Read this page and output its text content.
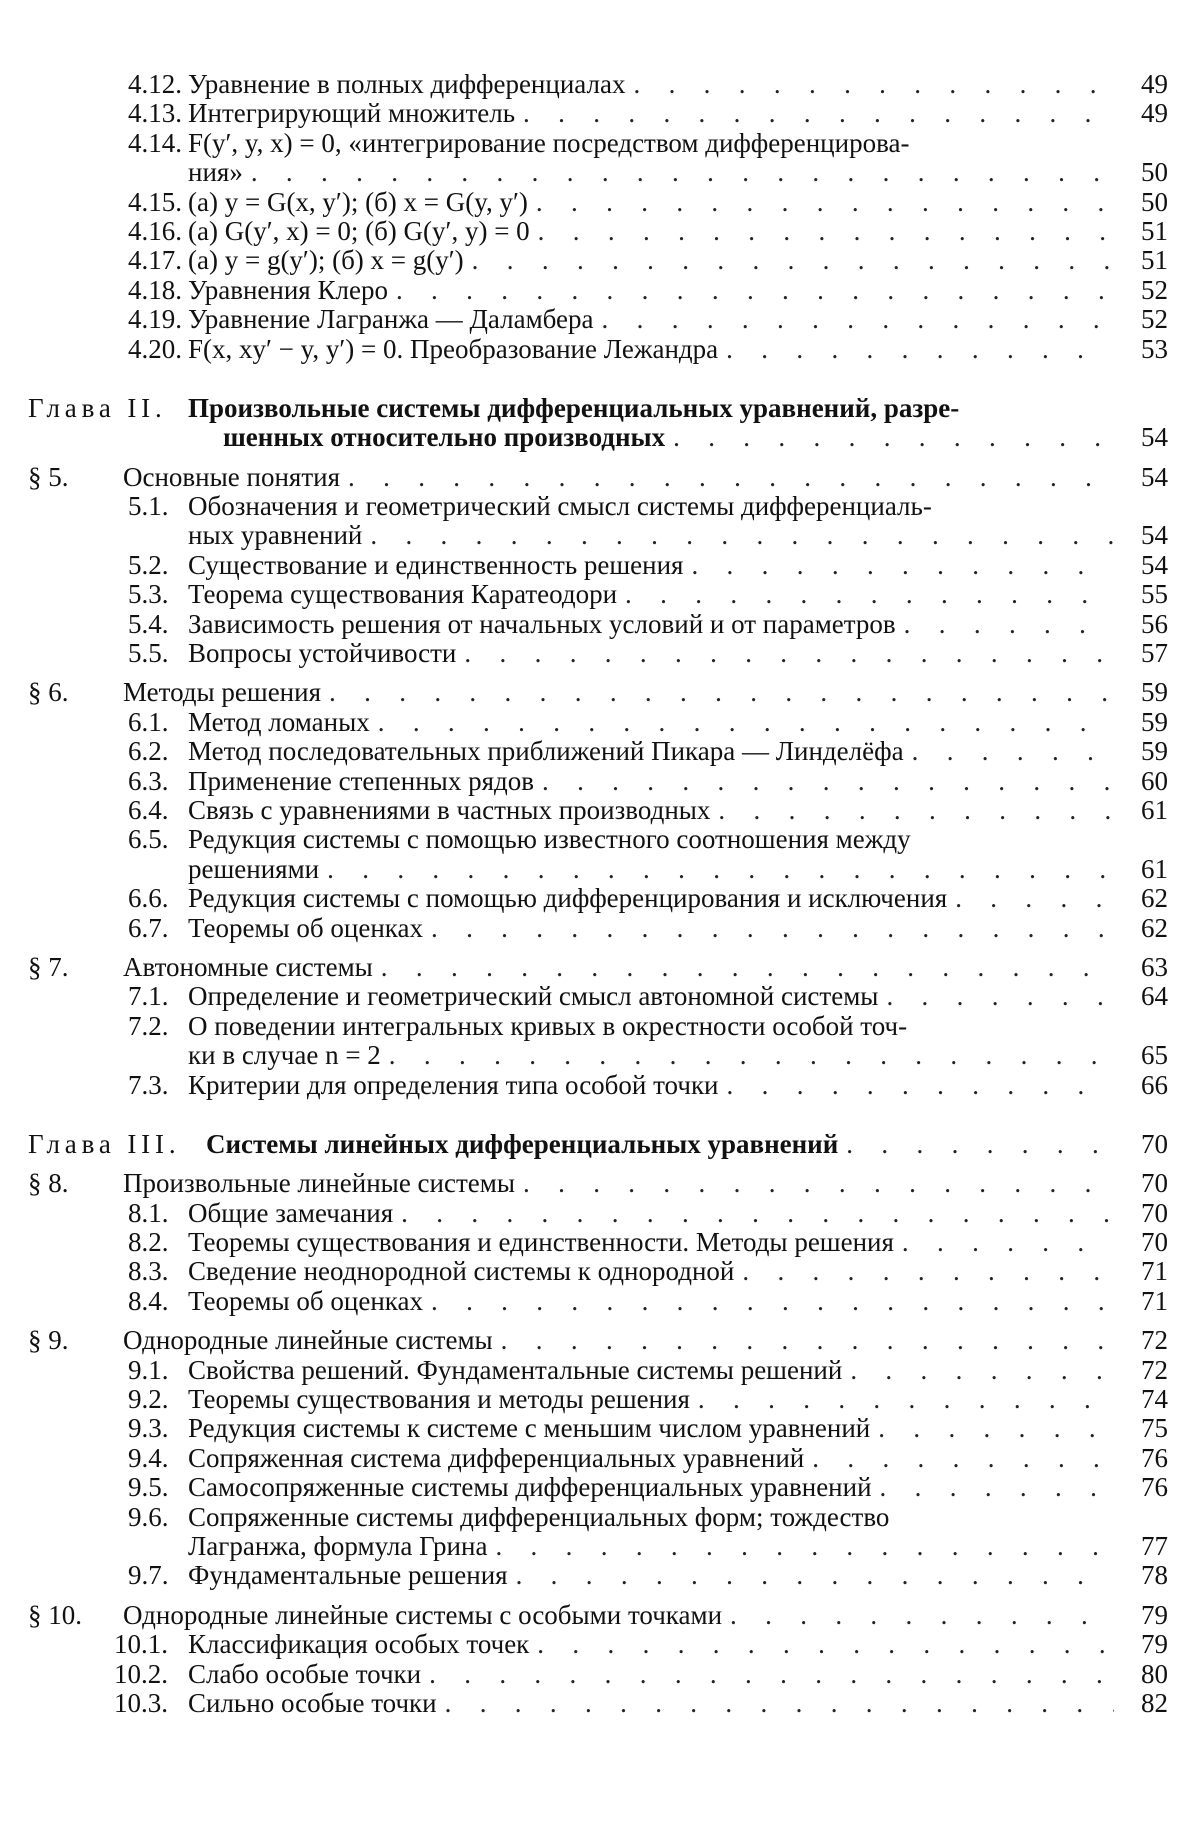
4.12. Уравнение в полных дифференциалах
. . .	49
4.13. Интегрирующий множитель
. . .	49
4.14. F(y′, y, x) = 0, «интегрирование посредством дифференцирова-
ния»
. . .	50
4.15. (а) y = G(x, y′); (б) x = G(y, y′)
. . .	50
4.16. (а) G(y′, x) = 0; (б) G(y′, y) = 0
. . .	51
4.17. (а) y = g(y′); (б) x = g(y′)
. . .	51
4.18. Уравнения Клеро
. . .	52
4.19. Уравнение Лагранжа — Даламбера
. . .	52
4.20. F(x, xy′ − y, y′) = 0. Преобразование Лежандра
. . .	53
Глава II. Произвольные системы дифференциальных уравнений, разре-
шенных относительно производных
. . .	54
§ 5. Основные понятия
. . .	54
5.1. Обозначения и геометрический смысл системы дифференциаль-
ных уравнений
. . .	54
5.2. Существование и единственность решения
. . .	54
5.3. Теорема существования Каратеодори
. . .	55
5.4. Зависимость решения от начальных условий и от параметров
. . .	56
5.5. Вопросы устойчивости
. . .	57
§ 6. Методы решения
. . .	59
6.1. Метод ломаных
. . .	59
6.2. Метод последовательных приближений Пикара — Линделёфа
. . .	59
6.3. Применение степенных рядов
. . .	60
6.4. Связь с уравнениями в частных производных
. . .	61
6.5. Редукция системы с помощью известного соотношения между
решениями
. . .	61
6.6. Редукция системы с помощью дифференцирования и исключения
. . .	62
6.7. Теоремы об оценках
. . .	62
§ 7. Автономные системы
. . .	63
7.1. Определение и геометрический смысл автономной системы
. . .	64
7.2. О поведении интегральных кривых в окрестности особой точ-
ки в случае n = 2
. . .	65
7.3. Критерии для определения типа особой точки
. . .	66
Глава III. Системы линейных дифференциальных уравнений
. . .	70
§ 8. Произвольные линейные системы
. . .	70
8.1. Общие замечания
. . .	70
8.2. Теоремы существования и единственности. Методы решения
. . .	70
8.3. Сведение неоднородной системы к однородной
. . .	71
8.4. Теоремы об оценках
. . .	71
§ 9. Однородные линейные системы
. . .	72
9.1. Свойства решений. Фундаментальные системы решений
. . .	72
9.2. Теоремы существования и методы решения
. . .	74
9.3. Редукция системы к системе с меньшим числом уравнений
. . .	75
9.4. Сопряженная система дифференциальных уравнений
. . .	76
9.5. Самосопряженные системы дифференциальных уравнений
. . .	76
9.6. Сопряженные системы дифференциальных форм; тождество
Лагранжа, формула Грина
. . .	77
9.7. Фундаментальные решения
. . .	78
§ 10. Однородные линейные системы с особыми точками
. . .	79
10.1. Классификация особых точек
. . .	79
10.2. Слабо особые точки
. . .	80
10.3. Сильно особые точки
. . .	82
